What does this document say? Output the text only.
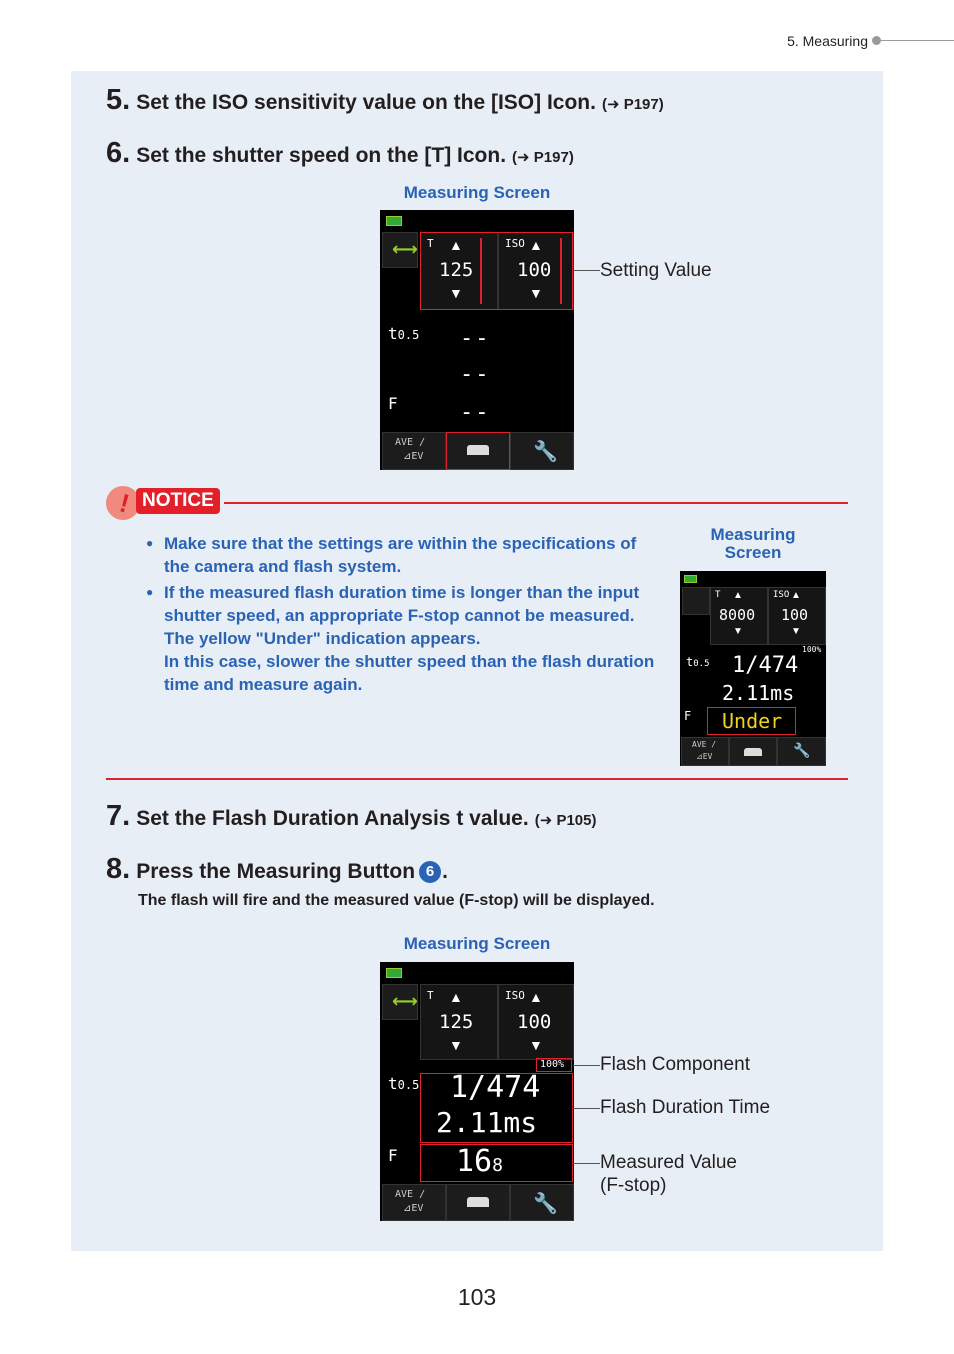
5. Measuring
5. Set the ISO sensitivity value on the [ISO] Icon. (➜ P197)
6. Set the shutter speed on the [T] Icon. (➜ P197)
Measuring Screen
⟷ T ▲
125
▼
ISO ▲
100
▼
t0.5 --
--
F	--
AVE /
⊿EV	🔧
Setting Value
! NOTICE
● Make sure that the settings are within the specifications of the camera and flash system.
● If the measured flash duration time is longer than the input shutter speed, an appropriate F-stop cannot be measured. The yellow "Under" indication appears.
In this case, slower the shutter speed than the flash duration time and measure again.
Measuring Screen
T ▲
8000
▼
ISO ▲
100
▼
100%
t0.5 1/474
2.11ms
F Under
AVE /
⊿EV	🔧
7. Set the Flash Duration Analysis t value. (➜ P105)
8. Press the Measuring Button 6 .
The flash will fire and the measured value (F-stop) will be displayed.
Measuring Screen
⟷ T ▲
125
▼
ISO ▲
100
▼
100%
t0.5 1/474
2.11ms
F 168
AVE /
⊿EV	🔧
Flash Component
Flash Duration Time
Measured Value
(F-stop)
103
